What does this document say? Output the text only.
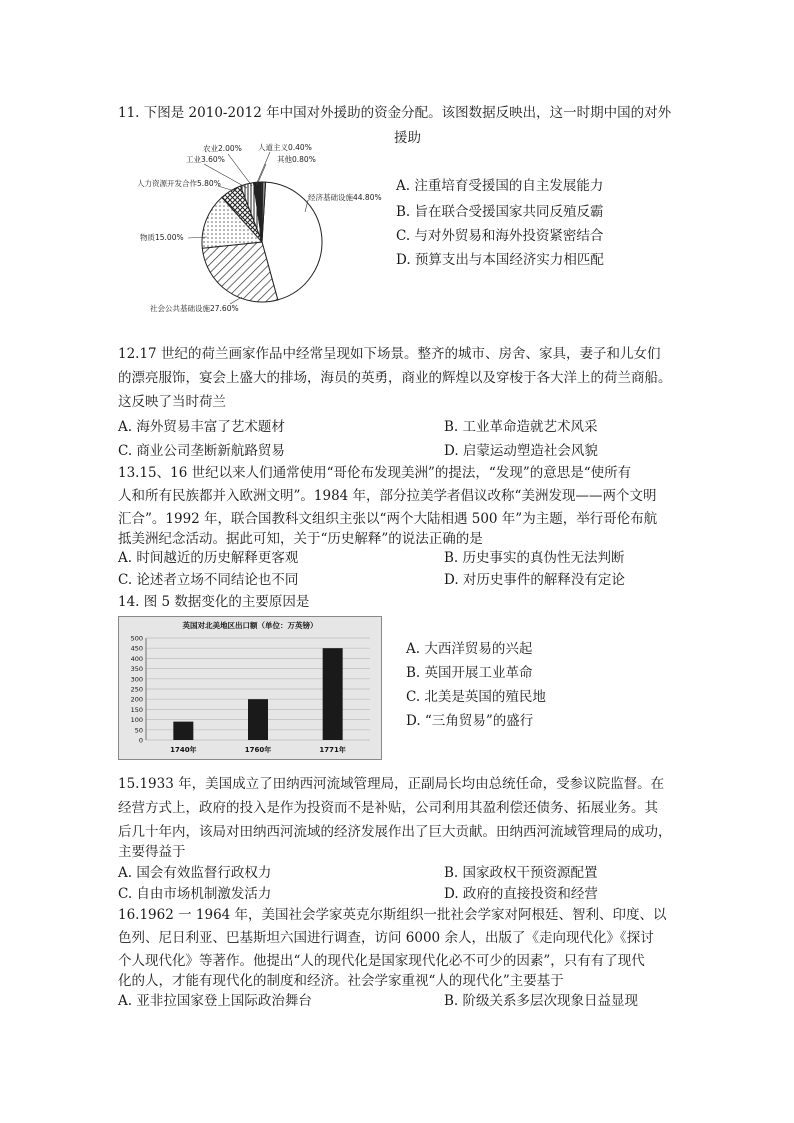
11. 下图是 2010-2012 年中国对外援助的资金分配。该图数据反映出，这一时期中国的对外
援助
农业2.00% 人道主义0.40%
工业3.60%	其他0.80%
人力资源开发合作5.80%
经济基础设施44.80%
物质15.00%
社会公共基础设施27.60%
A. 注重培育受援国的自主发展能力
B. 旨在联合受援国家共同反殖反霸
C. 与对外贸易和海外投资紧密结合
D. 预算支出与本国经济实力相匹配
12.17 世纪的荷兰画家作品中经常呈现如下场景。整齐的城市、房舍、家具，妻子和儿女们
的漂亮服饰，宴会上盛大的排场，海员的英勇，商业的辉煌以及穿梭于各大洋上的荷兰商船。
这反映了当时荷兰
A. 海外贸易丰富了艺术题材	B. 工业革命造就艺术风采
C. 商业公司垄断新航路贸易	D. 启蒙运动塑造社会风貌
13.15、16 世纪以来人们通常使用“哥伦布发现美洲”的提法，“发现”的意思是“使所有
人和所有民族都并入欧洲文明”。1984 年，部分拉美学者倡议改称“美洲发现——两个文明
汇合”。1992 年，联合国教科文组织主张以“两个大陆相遇 500 年”为主题，举行哥伦布航
抵美洲纪念活动。据此可知，关于“历史解释”的说法正确的是
A. 时间越近的历史解释更客观	B. 历史事实的真伪性无法判断
C. 论述者立场不同结论也不同	D. 对历史事件的解释没有定论
14. 图 5 数据变化的主要原因是
英国对北美地区出口额（单位：万英镑）
0
50
100
150
200
250
300
350
400
450
500
1740年	1760年	1771年
A. 大西洋贸易的兴起
B. 英国开展工业革命
C. 北美是英国的殖民地
D. “三角贸易”的盛行
15.1933 年，美国成立了田纳西河流域管理局，正副局长均由总统任命，受参议院监督。在
经营方式上，政府的投入是作为投资而不是补贴，公司利用其盈利偿还债务、拓展业务。其
后几十年内，该局对田纳西河流域的经济发展作出了巨大贡献。田纳西河流域管理局的成功，
主要得益于
A. 国会有效监督行政权力	B. 国家政权干预资源配置
C. 自由市场机制激发活力	D. 政府的直接投资和经营
16.1962 一 1964 年，美国社会学家英克尔斯组织一批社会学家对阿根廷、智利、印度、以
色列、尼日利亚、巴基斯坦六国进行调查，访问 6000 余人，出版了《走向现代化》《探讨
个人现代化》等著作。他提出“人的现代化是国家现代化必不可少的因素”，只有有了现代
化的人，才能有现代化的制度和经济。社会学家重视“人的现代化”主要基于
A. 亚非拉国家登上国际政治舞台	B. 阶级关系多层次现象日益显现
